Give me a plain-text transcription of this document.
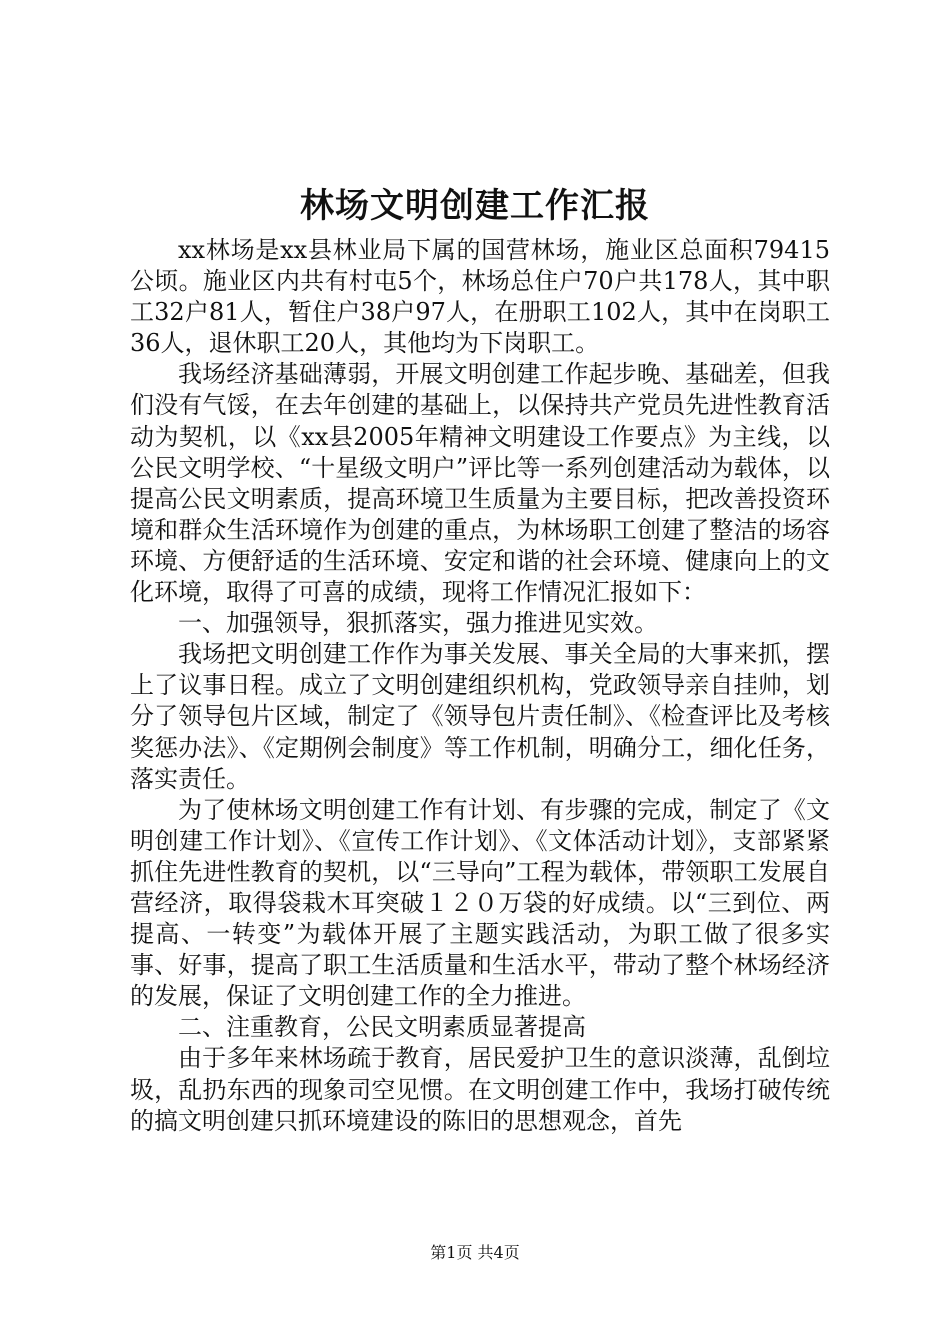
林场文明创建工作汇报

xx林场是xx县林业局下属的国营林场，施业区总面积79415公顷。施业区内共有村屯5个，林场总住户70户共178人，其中职工32户81人，暂住户38户97人，在册职工102人，其中在岗职工36人，退休职工20人，其他均为下岗职工。

我场经济基础薄弱，开展文明创建工作起步晚、基础差，但我们没有气馁，在去年创建的基础上，以保持共产党员先进性教育活动为契机，以《xx县2005年精神文明建设工作要点》为主线，以公民文明学校、“十星级文明户”评比等一系列创建活动为载体，以提高公民文明素质，提高环境卫生质量为主要目标，把改善投资环境和群众生活环境作为创建的重点，为林场职工创建了整洁的场容环境、方便舒适的生活环境、安定和谐的社会环境、健康向上的文化环境，取得了可喜的成绩，现将工作情况汇报如下：

一、加强领导，狠抓落实，强力推进见实效。

我场把文明创建工作作为事关发展、事关全局的大事来抓，摆上了议事日程。成立了文明创建组织机构，党政领导亲自挂帅，划分了领导包片区域，制定了《领导包片责任制》、《检查评比及考核奖惩办法》、《定期例会制度》等工作机制，明确分工，细化任务，落实责任。

为了使林场文明创建工作有计划、有步骤的完成，制定了《文明创建工作计划》、《宣传工作计划》、《文体活动计划》，支部紧紧抓住先进性教育的契机，以“三导向”工程为载体，带领职工发展自营经济，取得袋栽木耳突破１２０万袋的好成绩。以“三到位、两提高、一转变”为载体开展了主题实践活动，为职工做了很多实事、好事，提高了职工生活质量和生活水平，带动了整个林场经济的发展，保证了文明创建工作的全力推进。

二、注重教育，公民文明素质显著提高

由于多年来林场疏于教育，居民爱护卫生的意识淡薄，乱倒垃圾，乱扔东西的现象司空见惯。在文明创建工作中，我场打破传统的搞文明创建只抓环境建设的陈旧的思想观念，首先

第1页 共4页
